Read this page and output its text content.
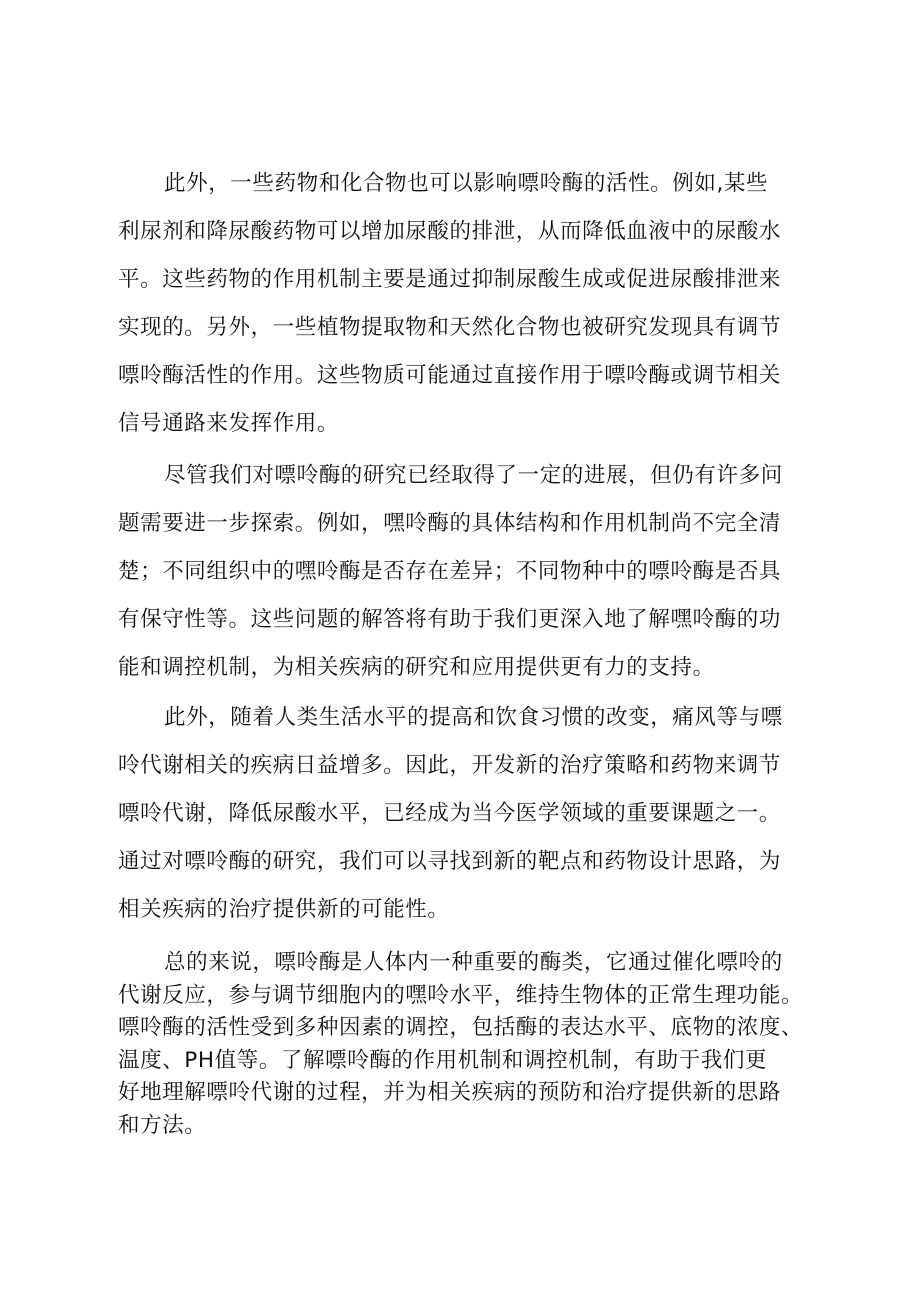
此外，一些药物和化合物也可以影响嘌呤酶的活性。例如,某些
利尿剂和降尿酸药物可以增加尿酸的排泄，从而降低血液中的尿酸水
平。这些药物的作用机制主要是通过抑制尿酸生成或促进尿酸排泄来
实现的。另外，一些植物提取物和天然化合物也被研究发现具有调节
嘌呤酶活性的作用。这些物质可能通过直接作用于嘌呤酶或调节相关
信号通路来发挥作用。
尽管我们对嘌呤酶的研究已经取得了一定的进展，但仍有许多问
题需要进一步探索。例如，嘿呤酶的具体结构和作用机制尚不完全清
楚；不同组织中的嘿呤酶是否存在差异；不同物种中的嘌呤酶是否具
有保守性等。这些问题的解答将有助于我们更深入地了解嘿呤酶的功
能和调控机制，为相关疾病的研究和应用提供更有力的支持。
此外，随着人类生活水平的提高和饮食习惯的改变，痛风等与嘌
呤代谢相关的疾病日益增多。因此，开发新的治疗策略和药物来调节
嘌呤代谢，降低尿酸水平，已经成为当今医学领域的重要课题之一。
通过对嘌呤酶的研究，我们可以寻找到新的靶点和药物设计思路，为
相关疾病的治疗提供新的可能性。
总的来说，嘌呤酶是人体内一种重要的酶类，它通过催化嘌呤的
代谢反应，参与调节细胞内的嘿呤水平，维持生物体的正常生理功能。
嘌呤酶的活性受到多种因素的调控，包括酶的表达水平、底物的浓度、
温度、PH值等。了解嘌呤酶的作用机制和调控机制，有助于我们更
好地理解嘌呤代谢的过程，并为相关疾病的预防和治疗提供新的思路
和方法。
